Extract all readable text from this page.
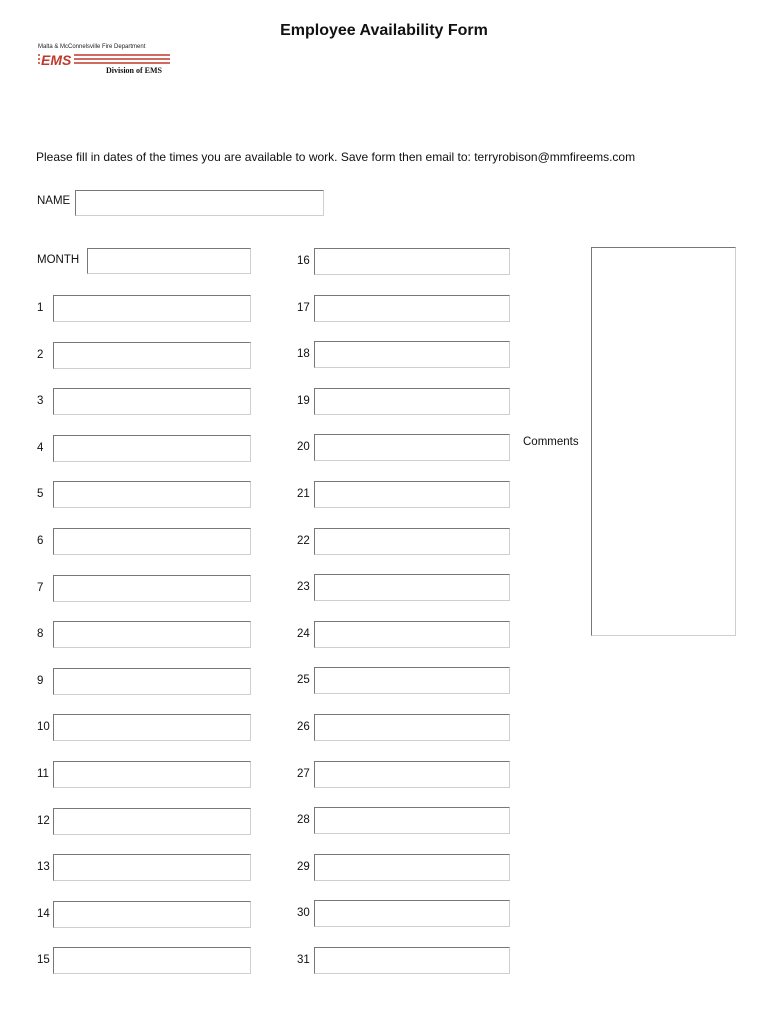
Employee Availability Form
Malta & McConnelsville Fire Department
EMS
Division of EMS
Please fill in dates of the times you are available to work. Save form then email to: terryrobison@mmfireems.com
NAME
MONTH
1
2
3
4
5
6
7
8
9
10
11
12
13
14
15
16
17
18
19
20
21
22
23
24
25
26
27
28
29
30
31
Comments
